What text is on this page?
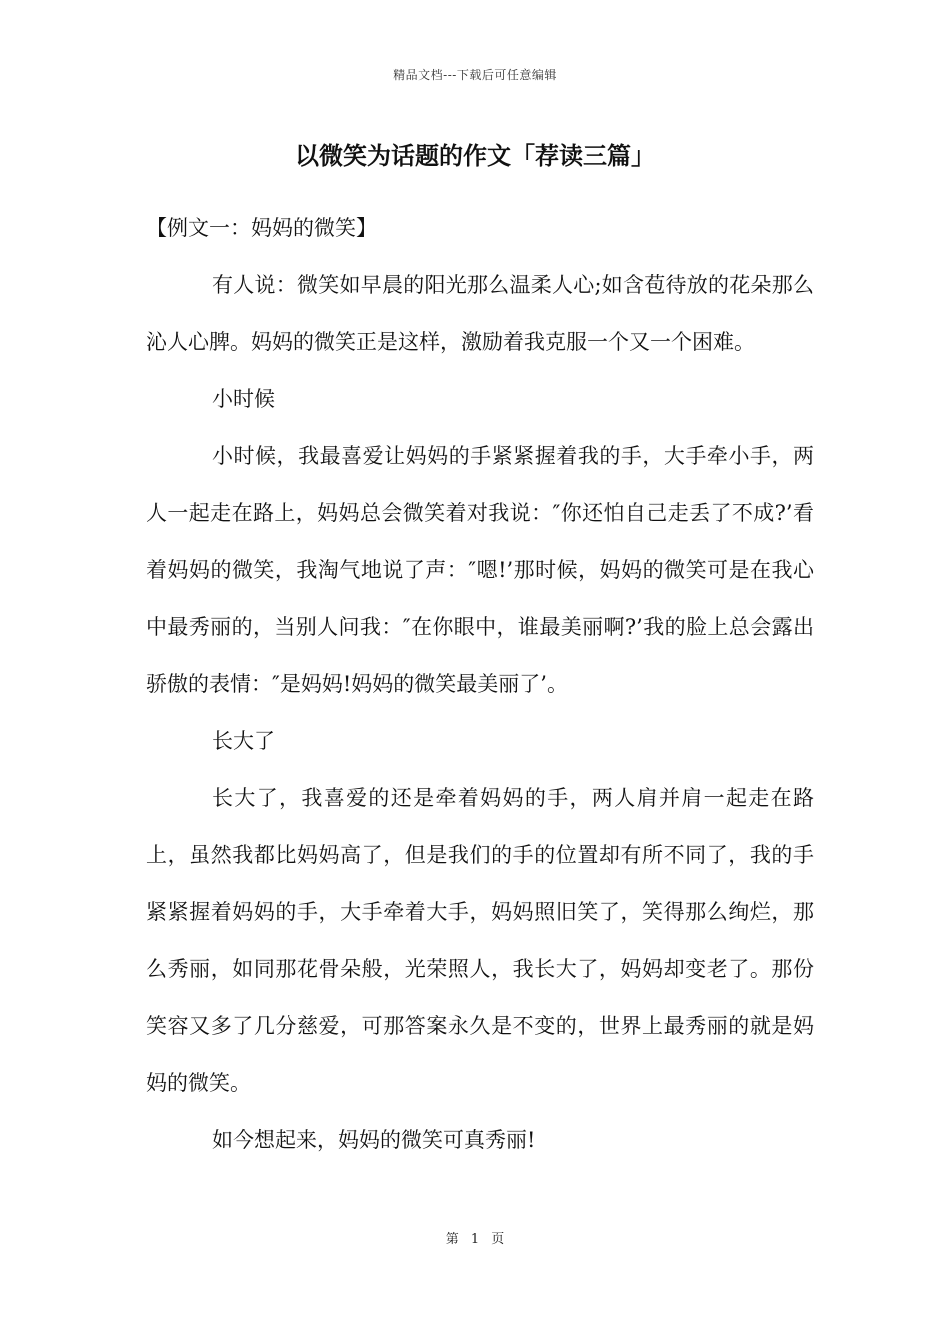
精品文档---下载后可任意编辑
以微笑为话题的作文「荐读三篇」

【例文一：妈妈的微笑】

有人说：微笑如早晨的阳光那么温柔人心;如含苞待放的花朵那么沁人心脾。妈妈的微笑正是这样，激励着我克服一个又一个困难。

小时候

小时候，我最喜爱让妈妈的手紧紧握着我的手，大手牵小手，两人一起走在路上，妈妈总会微笑着对我说：″你还怕自己走丢了不成?’看着妈妈的微笑，我淘气地说了声：″嗯!’那时候，妈妈的微笑可是在我心中最秀丽的，当别人问我：″在你眼中，谁最美丽啊?’我的脸上总会露出骄傲的表情：″是妈妈!妈妈的微笑最美丽了’。

长大了

长大了，我喜爱的还是牵着妈妈的手，两人肩并肩一起走在路上，虽然我都比妈妈高了，但是我们的手的位置却有所不同了，我的手紧紧握着妈妈的手，大手牵着大手，妈妈照旧笑了，笑得那么绚烂，那么秀丽，如同那花骨朵般，光荣照人，我长大了，妈妈却变老了。那份笑容又多了几分慈爱，可那答案永久是不变的，世界上最秀丽的就是妈妈的微笑。

如今想起来，妈妈的微笑可真秀丽!

第 1 页
